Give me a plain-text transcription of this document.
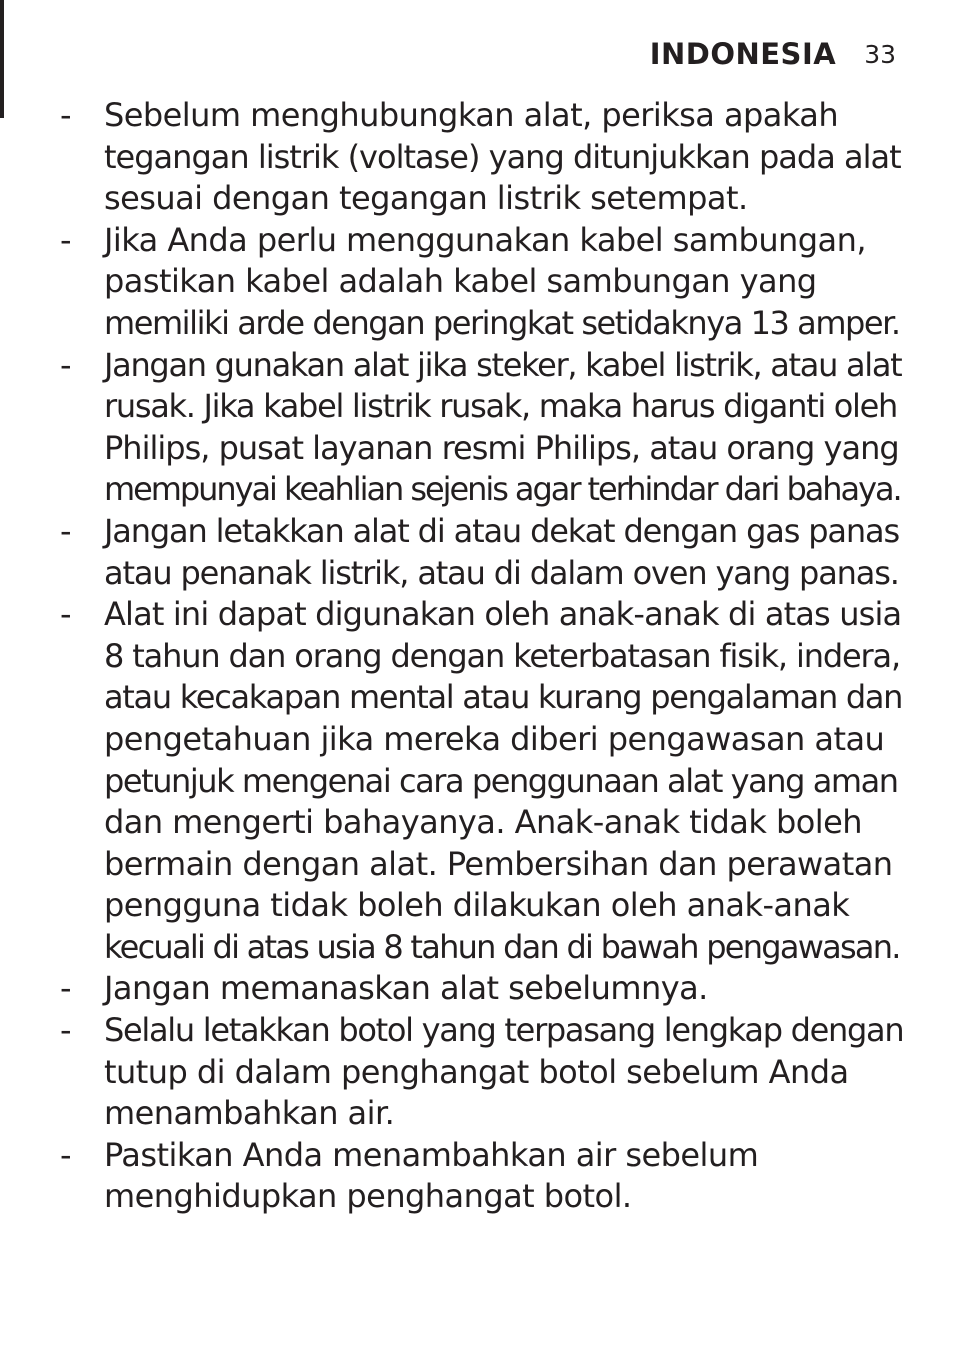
INDONESIA 33
- Sebelum menghubungkan alat, periksa apakah
tegangan listrik (voltase) yang ditunjukkan pada alat
sesuai dengan tegangan listrik setempat.
- Jika Anda perlu menggunakan kabel sambungan,
pastikan kabel adalah kabel sambungan yang
memiliki arde dengan peringkat setidaknya 13 amper.
- Jangan gunakan alat jika steker, kabel listrik, atau alat
rusak. Jika kabel listrik rusak, maka harus diganti oleh
Philips, pusat layanan resmi Philips, atau orang yang
mempunyai keahlian sejenis agar terhindar dari bahaya.
- Jangan letakkan alat di atau dekat dengan gas panas
atau penanak listrik, atau di dalam oven yang panas.
- Alat ini dapat digunakan oleh anak-anak di atas usia
8 tahun dan orang dengan keterbatasan fisik, indera,
atau kecakapan mental atau kurang pengalaman dan
pengetahuan jika mereka diberi pengawasan atau
petunjuk mengenai cara penggunaan alat yang aman
dan mengerti bahayanya. Anak-anak tidak boleh
bermain dengan alat. Pembersihan dan perawatan
pengguna tidak boleh dilakukan oleh anak-anak
kecuali di atas usia 8 tahun dan di bawah pengawasan.
- Jangan memanaskan alat sebelumnya.
- Selalu letakkan botol yang terpasang lengkap dengan
tutup di dalam penghangat botol sebelum Anda
menambahkan air.
- Pastikan Anda menambahkan air sebelum
menghidupkan penghangat botol.
